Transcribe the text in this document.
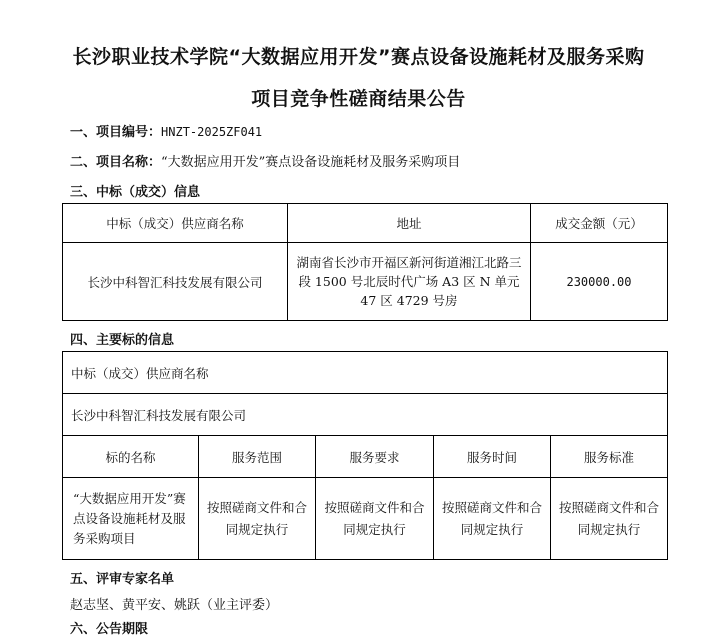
长沙职业技术学院“大数据应用开发”赛点设备设施耗材及服务采购
项目竞争性磋商结果公告
一、项目编号：HNZT-2025ZF041
二、项目名称：“大数据应用开发”赛点设备设施耗材及服务采购项目
三、中标（成交）信息
中标（成交）供应商名称	地址	成交金额（元）
长沙中科智汇科技发展有限公司	湖南省长沙市开福区新河街道湘江北路三段 1500 号北辰时代广场 A3 区 N 单元 47 区 4729 号房	230000.00
四、主要标的信息
中标（成交）供应商名称				
长沙中科智汇科技发展有限公司				
标的名称	服务范围	服务要求	服务时间	服务标准
“大数据应用开发”赛点设备设施耗材及服务采购项目	按照磋商文件和合同规定执行	按照磋商文件和合同规定执行	按照磋商文件和合同规定执行	按照磋商文件和合同规定执行
五、评审专家名单
赵志坚、黄平安、姚跃（业主评委）
六、公告期限
